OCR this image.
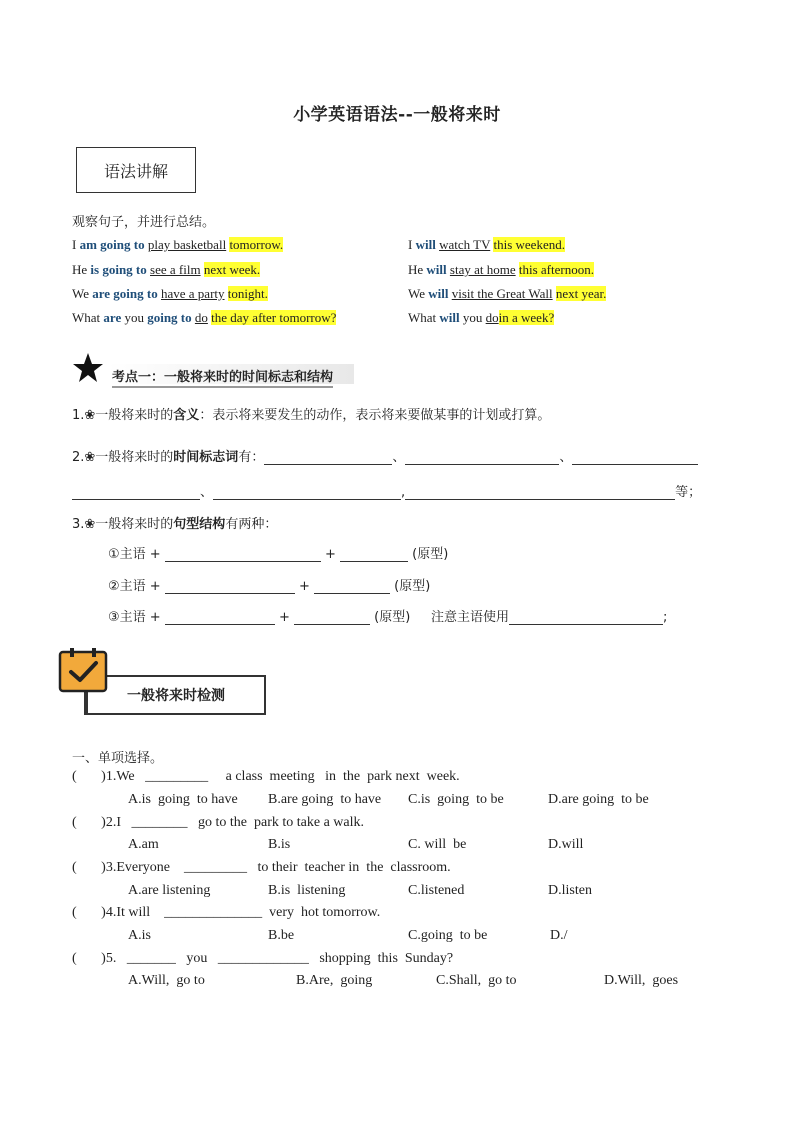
小学英语语法--一般将来时
语法讲解
观察句子，并进行总结。
I am going to play basketball tomorrow.
He is going to see a film next week.
We are going to have a party tonight.
What are you going to do the day after tomorrow?
I will watch TV this weekend.
He will stay at home this afternoon.
We will visit the Great Wall next year.
What will you doin a week?
考点一：一般将来时的时间标志和结构
1.❀一般将来时的含义：表示将来要发生的动作，表示将来要做某事的计划或打算。
2.❀一般将来时的时间标志词有：	、	、
、	,	等；
3.❀一般将来时的句型结构有两种：
①主语 +	+	(原型)
②主语 +	+	(原型)
③主语 +	+	(原型) 注意主语使用	;
一般将来时检测
一、单项选择。
(       )1.We   _________     a class  meeting   in  the  park next  week.
A.is  going  to have B.are going  to have C.is  going  to be	D.are going  to be
(       )2.I   ________   go to the  park to take a walk.
A.am	B.is	C. will  be	D.will
(       )3.Everyone    _________   to their  teacher in  the  classroom.
A.are listening	B.is  listening	C.listened	D.listen
(       )4.It will    ______________  very  hot tomorrow.
A.is	B.be	C.going  to be	D./
(       )5.   _______   you   _____________   shopping  this  Sunday?
A.Will,  go to	B.Are,  going	C.Shall,  go to	D.Will,  goes
